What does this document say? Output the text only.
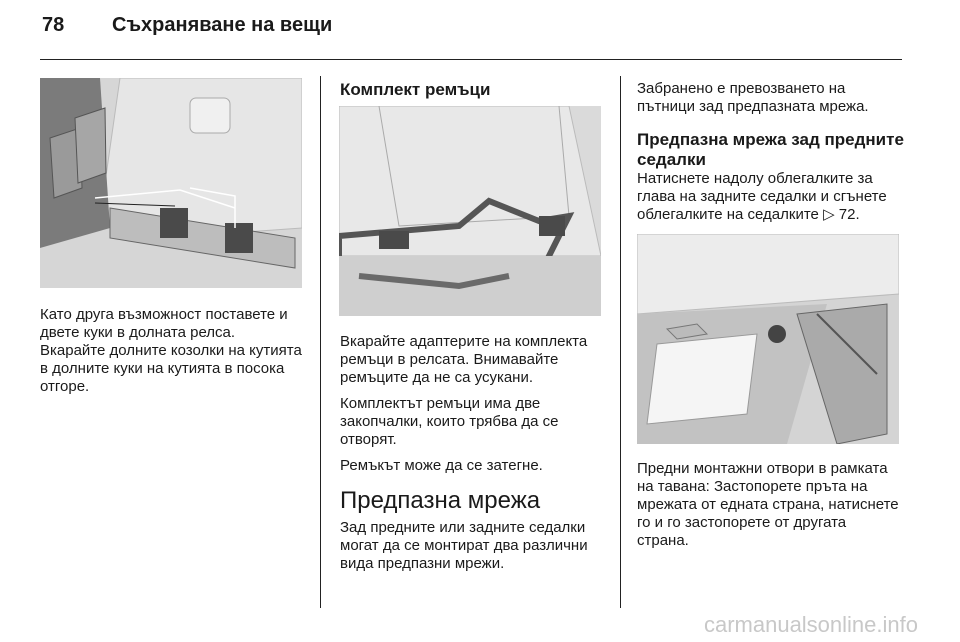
78 Съхраняване на вещи

Като друга възможност поставете и двете куки в долната релса. Вкарайте долните козолки на кутията в долните куки на кутията в посока отгоре.

Комплект ремъци

Вкарайте адаптерите на комплекта ремъци в релсата. Внимавайте ремъците да не са усукани.

Комплектът ремъци има две закопчалки, които трябва да се отворят.

Ремъкът може да се затегне.

Предпазна мрежа

Зад предните или задните седалки могат да се монтират два различни вида предпазни мрежи.

Забранено е превозването на пътници зад предпазната мрежа.

Предпазна мрежа зад предните седалки

Натиснете надолу облегалките за глава на задните седалки и сгънете облегалките на седалките ▷ 72.

Предни монтажни отвори в рамката на тавана: Застопорете пръта на мрежата от едната страна, натиснете го и го застопорете от другата страна.

carmanualsonline.info
